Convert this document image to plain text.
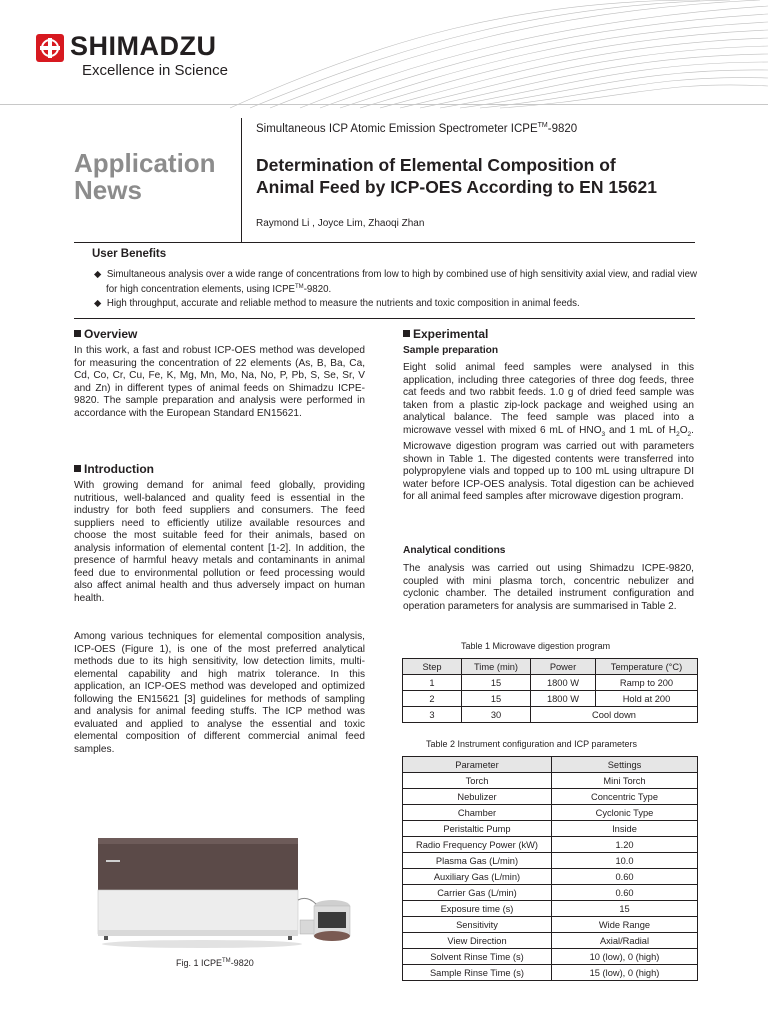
SHIMADZU
Excellence in Science
Simultaneous ICP Atomic Emission Spectrometer ICPE™-9820
Application
News
Determination of Elemental Composition of
Animal Feed by ICP-OES According to EN 15621
Raymond Li , Joyce Lim, Zhaoqi Zhan
User Benefits
◆ Simultaneous analysis over a wide range of concentrations from low to high by combined use of high sensitivity axial view, and radial view for high concentration elements, using ICPE™-9820.
◆ High throughput, accurate and reliable method to measure the nutrients and toxic composition in animal feeds.
Overview
In this work, a fast and robust ICP-OES method was developed for measuring the concentration of 22 elements (As, B, Ba, Ca, Cd, Co, Cr, Cu, Fe, K, Mg, Mn, Mo, Na, No, P, Pb, S, Se, Sr, V and Zn) in different types of animal feeds on Shimadzu ICPE-9820. The sample preparation and analysis were performed in accordance with the European Standard EN15621.
Introduction
With growing demand for animal feed globally, providing nutritious, well-balanced and quality feed is essential in the industry for both feed suppliers and consumers. The feed suppliers need to efficiently utilize available resources and choose the most suitable feed for their animals, based on analysis information of elemental content [1-2]. In addition, the presence of harmful heavy metals and contaminants in animal feed due to environmental pollution or feed processing would also affect animal health and thus adversely impact on human health.
Among various techniques for elemental composition analysis, ICP-OES (Figure 1), is one of the most preferred analytical methods due to its high sensitivity, low detection limits, multi-elemental capability and high matrix tolerance. In this application, an ICP-OES method was developed and optimized following the EN15621 [3] guidelines for methods of sampling and analysis for animal feeding stuffs. The ICP method was evaluated and applied to analyse the essential and toxic elemental composition of different commercial animal feed samples.
Fig. 1 ICPE™-9820
Experimental
Sample preparation
Eight solid animal feed samples were analysed in this application, including three categories of three dog feeds, three cat feeds and two rabbit feeds. 1.0 g of dried feed sample was taken from a plastic zip-lock package and weighed using an analytical balance. The feed sample was placed into a microwave vessel with mixed 6 mL of $HNO_3$ and 1 mL of $H_2O_2$. Microwave digestion program was carried out with parameters shown in Table 1. The digested contents were transferred into polypropylene vials and topped up to 100 mL using ultrapure DI water before ICP-OES analysis. Total digestion can be achieved for all animal feed samples after microwave digestion program.
Analytical conditions
The analysis was carried out using Shimadzu ICPE-9820, coupled with mini plasma torch, concentric nebulizer and cyclonic chamber. The detailed instrument configuration and operation parameters for analysis are summarised in Table 2.
Table 1 Microwave digestion program
Step	Time (min)	Power	Temperature (°C)
1	15	1800 W	Ramp to 200
2	15	1800 W	Hold at 200
3	30	Cool down	
Table 2 Instrument configuration and ICP parameters
Parameter	Settings
Torch	Mini Torch
Nebulizer	Concentric Type
Chamber	Cyclonic Type
Peristaltic Pump	Inside
Radio Frequency Power (kW)	1.20
Plasma Gas (L/min)	10.0
Auxiliary Gas (L/min)	0.60
Carrier Gas (L/min)	0.60
Exposure time (s)	15
Sensitivity	Wide Range
View Direction	Axial/Radial
Solvent Rinse Time (s)	10 (low), 0 (high)
Sample Rinse Time (s)	15 (low), 0 (high)
